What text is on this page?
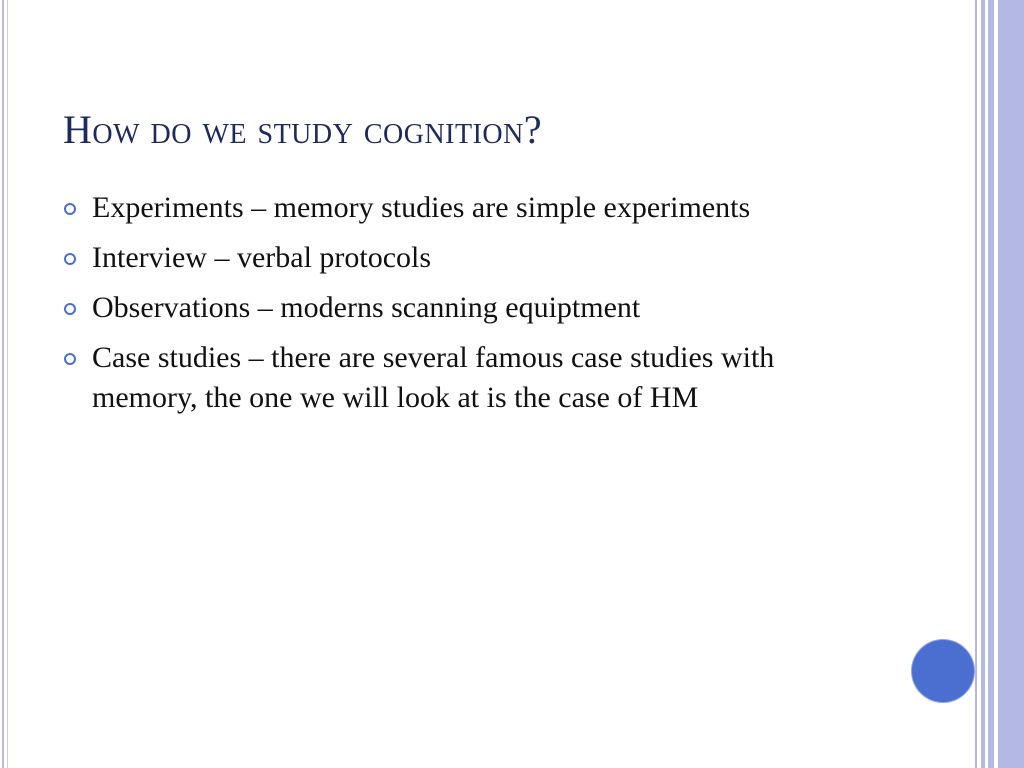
How do we study cognition?
Experiments – memory studies are simple experiments
Interview – verbal protocols
Observations – moderns scanning equiptment
Case studies – there are several famous case studies with memory, the one we will look at is the case of HM
